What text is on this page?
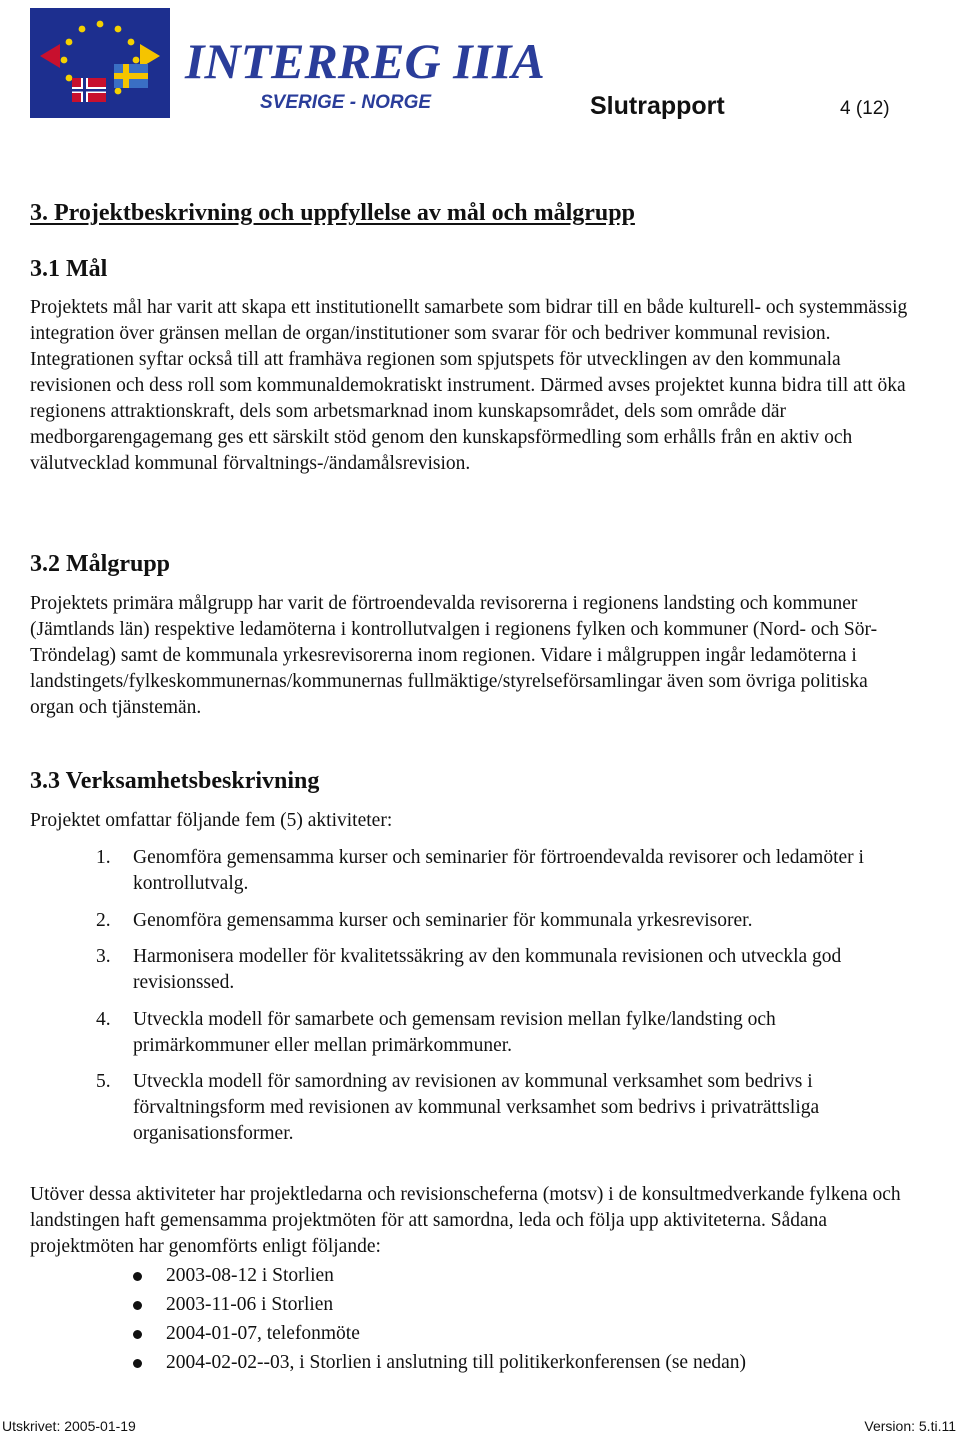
INTERREG IIIA
SVERIGE - NORGE	Slutrapport	4 (12)
3. Projektbeskrivning och uppfyllelse av mål och målgrupp
3.1 Mål

Projektets mål har varit att skapa ett institutionellt samarbete som bidrar till en både kulturell- och systemmässig integration över gränsen mellan de organ/institutioner som svarar för och bedriver kommunal revision. Integrationen syftar också till att framhäva regionen som spjutspets för utvecklingen av den kommunala revisionen och dess roll som kommunaldemokratiskt instrument. Därmed avses projektet kunna bidra till att öka regionens attraktionskraft, dels som arbetsmarknad inom kunskapsområdet, dels som område där medborgarengagemang ges ett särskilt stöd genom den kunskapsförmedling som erhålls från en aktiv och välutvecklad kommunal förvaltnings-/ändamålsrevision.

3.2 Målgrupp

Projektets primära målgrupp har varit de förtroendevalda revisorerna i regionens landsting och kommuner (Jämtlands län) respektive ledamöterna i kontrollutvalgen i regionens fylken och kommuner (Nord- och Sör-Tröndelag) samt de kommunala yrkesrevisorerna inom regionen. Vidare i målgruppen ingår ledamöterna i landstingets/fylkeskommunernas/kommunernas fullmäktige/styrelseförsamlingar även som övriga politiska organ och tjänstemän.

3.3 Verksamhetsbeskrivning

Projektet omfattar följande fem (5) aktiviteter:

1. Genomföra gemensamma kurser och seminarier för förtroendevalda revisorer och ledamöter i kontrollutvalg.

2. Genomföra gemensamma kurser och seminarier för kommunala yrkesrevisorer.

3. Harmonisera modeller för kvalitetssäkring av den kommunala revisionen och utveckla god revisionssed.

4. Utveckla modell för samarbete och gemensam revision mellan fylke/landsting och primärkommuner eller mellan primärkommuner.

5. Utveckla modell för samordning av revisionen av kommunal verksamhet som bedrivs i förvaltningsform med revisionen av kommunal verksamhet som bedrivs i privaträttsliga organisationsformer.

Utöver dessa aktiviteter har projektledarna och revisionscheferna (motsv) i de konsultmedverkande fylkena och landstingen haft gemensamma projektmöten för att samordna, leda och följa upp aktiviteterna. Sådana projektmöten har genomförts enligt följande:

2003-08-12 i Storlien
2003-11-06 i Storlien
2004-01-07, telefonmöte
2004-02-02--03, i Storlien i anslutning till politikerkonferensen (se nedan)
Utskrivet: 2005-01-19	Version: 5.ti.11
